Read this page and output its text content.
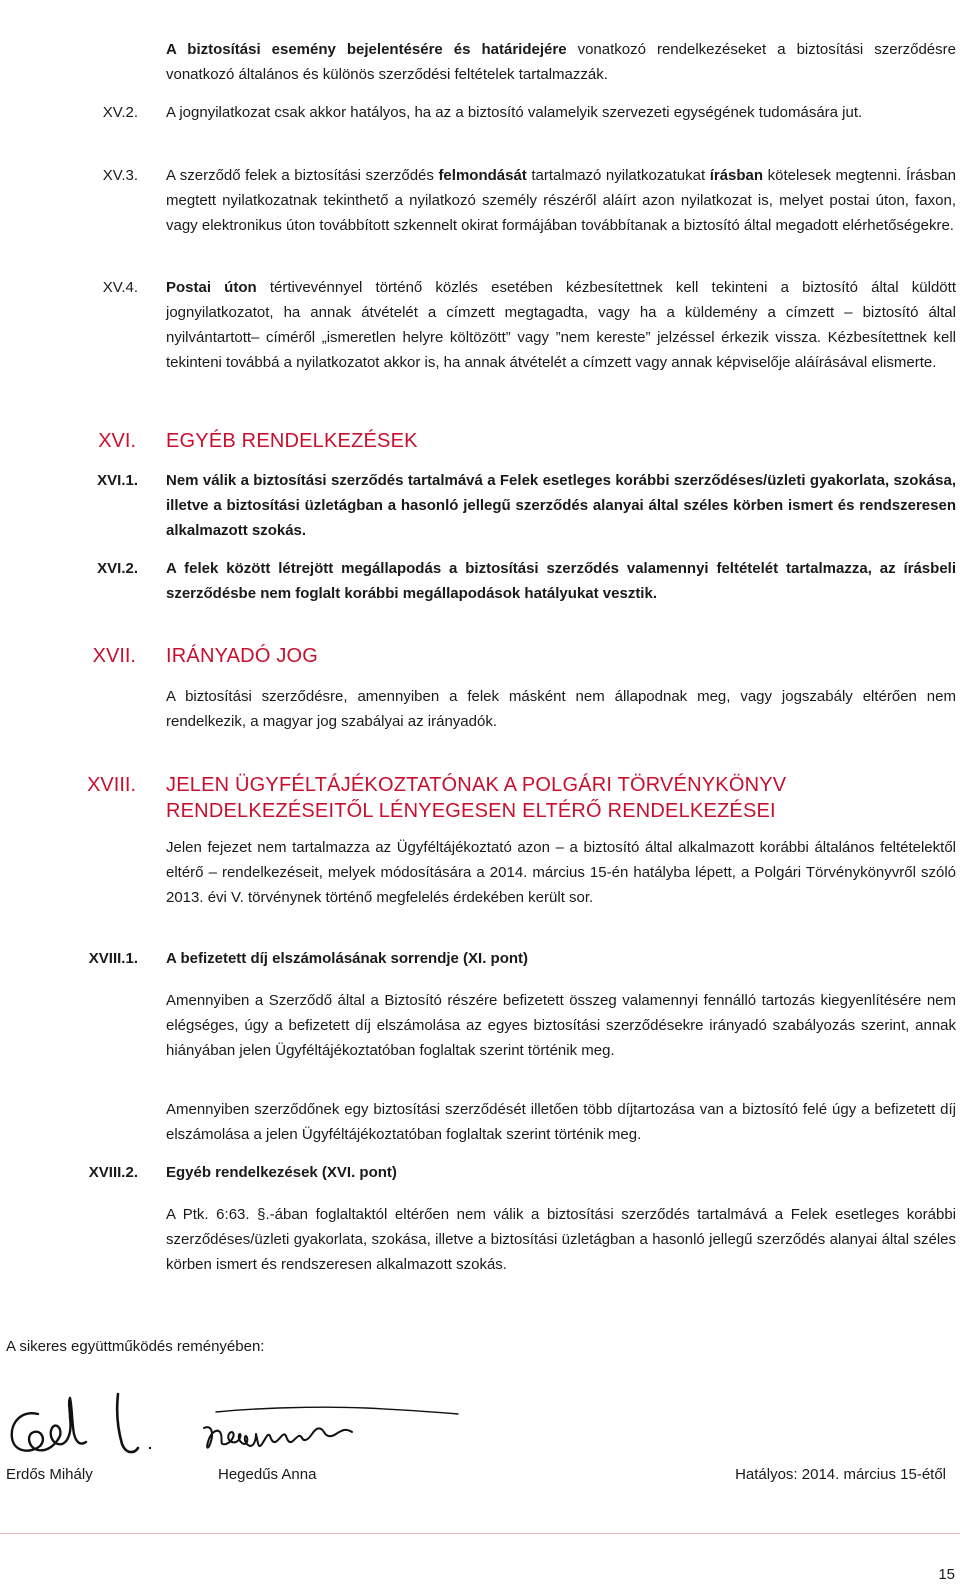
A biztosítási esemény bejelentésére és határidejére vonatkozó rendelkezéseket a biztosítási szerződésre vonatkozó általános és különös szerződési feltételek tartalmazzák.
XV.2. A jognyilatkozat csak akkor hatályos, ha az a biztosító valamelyik szervezeti egységének tudomására jut.
XV.3. A szerződő felek a biztosítási szerződés felmondását tartalmazó nyilatkozatukat írásban kötelesek megtenni. Írásban megtett nyilatkozatnak tekinthető a nyilatkozó személy részéről aláírt azon nyilatkozat is, melyet postai úton, faxon, vagy elektronikus úton továbbított szkennelt okirat formájában továbbítanak a biztosító által megadott elérhetőségekre.
XV.4. Postai úton tértivevénnyel történő közlés esetében kézbesítettnek kell tekinteni a biztosító által küldött jognyilatkozatot, ha annak átvételét a címzett megtagadta, vagy ha a küldemény a címzett – biztosító által nyilvántartott– címéről „ismeretlen helyre költözött” vagy ”nem kereste” jelzéssel érkezik vissza. Kézbesítettnek kell tekinteni továbbá a nyilatkozatot akkor is, ha annak átvételét a címzett vagy annak képviselője aláírásával elismerte.
XVI. EGYÉB RENDELKEZÉSEK
XVI.1. Nem válik a biztosítási szerződés tartalmává a Felek esetleges korábbi szerződéses/üzleti gyakorlata, szokása, illetve a biztosítási üzletágban a hasonló jellegű szerződés alanyai által széles körben ismert és rendszeresen alkalmazott szokás.
XVI.2. A felek között létrejött megállapodás a biztosítási szerződés valamennyi feltételét tartalmazza, az írásbeli szerződésbe nem foglalt korábbi megállapodások hatályukat vesztik.
XVII. IRÁNYADÓ JOG
A biztosítási szerződésre, amennyiben a felek másként nem állapodnak meg, vagy jogszabály eltérően nem rendelkezik, a magyar jog szabályai az irányadók.
XVIII. JELEN ÜGYFÉLTÁJÉKOZTATÓNAK A POLGÁRI TÖRVÉNYKÖNYV
RENDELKEZÉSEITŐL LÉNYEGESEN ELTÉRŐ RENDELKEZÉSEI
Jelen fejezet nem tartalmazza az Ügyféltájékoztató azon – a biztosító által alkalmazott korábbi általános feltételektől eltérő – rendelkezéseit, melyek módosítására a 2014. március 15-én hatályba lépett, a Polgári Törvénykönyvről szóló 2013. évi V. törvénynek történő megfelelés érdekében került sor.
XVIII.1. A befizetett díj elszámolásának sorrendje (XI. pont)
Amennyiben a Szerződő által a Biztosító részére befizetett összeg valamennyi fennálló tartozás kiegyenlítésére nem elégséges, úgy a befizetett díj elszámolása az egyes biztosítási szerződésekre irányadó szabályozás szerint, annak hiányában jelen Ügyféltájékoztatóban foglaltak szerint történik meg.
Amennyiben szerződőnek egy biztosítási szerződését illetően több díjtartozása van a biztosító felé úgy a befizetett díj elszámolása a jelen Ügyféltájékoztatóban foglaltak szerint történik meg.
XVIII.2. Egyéb rendelkezések (XVI. pont)
A Ptk. 6:63. §.-ában foglaltaktól eltérően nem válik a biztosítási szerződés tartalmává a Felek esetleges korábbi szerződéses/üzleti gyakorlata, szokása, illetve a biztosítási üzletágban a hasonló jellegű szerződés alanyai által széles körben ismert és rendszeresen alkalmazott szokás.
A sikeres együttműködés reményében:
Erdős Mihály	Hegedűs Anna	Hatályos: 2014. március 15-étől
15
